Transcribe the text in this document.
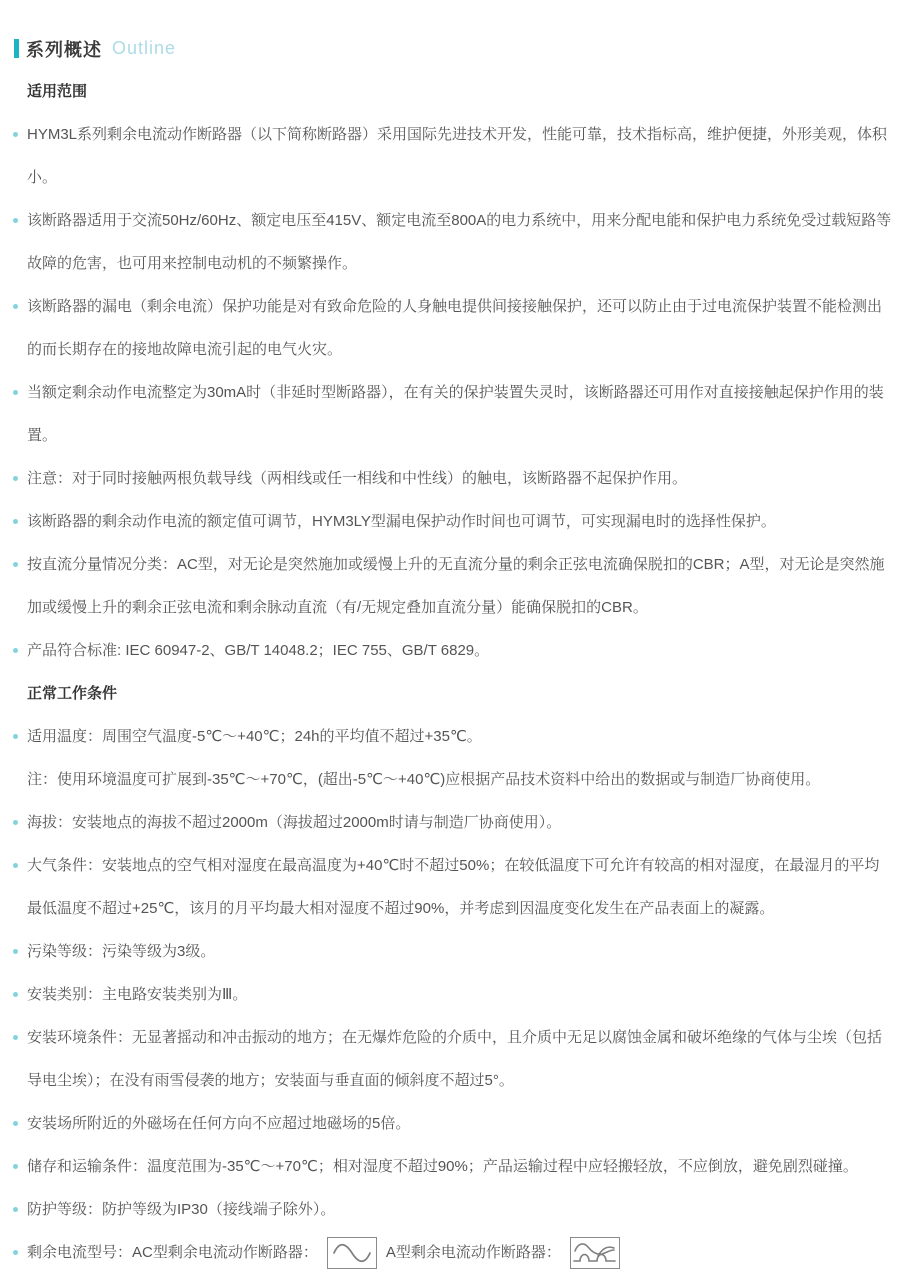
系列概述 Outline
适用范围

HYM3L系列剩余电流动作断路器（以下简称断路器）采用国际先进技术开发，性能可靠，技术指标高，维护便捷，外形美观，体积小。

该断路器适用于交流50Hz/60Hz、额定电压至415V、额定电流至800A的电力系统中，用来分配电能和保护电力系统免受过载短路等故障的危害，也可用来控制电动机的不频繁操作。

该断路器的漏电（剩余电流）保护功能是对有致命危险的人身触电提供间接接触保护，还可以防止由于过电流保护装置不能检测出的而长期存在的接地故障电流引起的电气火灾。

当额定剩余动作电流整定为30mA时（非延时型断路器），在有关的保护装置失灵时，该断路器还可用作对直接接触起保护作用的装置。

注意：对于同时接触两根负载导线（两相线或任一相线和中性线）的触电，该断路器不起保护作用。

该断路器的剩余动作电流的额定值可调节，HYM3LY型漏电保护动作时间也可调节，可实现漏电时的选择性保护。

按直流分量情况分类：AC型，对无论是突然施加或缓慢上升的无直流分量的剩余正弦电流确保脱扣的CBR；A型，对无论是突然施加或缓慢上升的剩余正弦电流和剩余脉动直流（有/无规定叠加直流分量）能确保脱扣的CBR。

产品符合标准: IEC 60947-2、GB/T 14048.2；IEC 755、GB/T 6829。

正常工作条件

适用温度：周围空气温度-5℃～+40℃；24h的平均值不超过+35℃。

注：使用环境温度可扩展到-35℃～+70℃，(超出-5℃～+40℃)应根据产品技术资料中给出的数据或与制造厂协商使用。

海拔：安装地点的海拔不超过2000m（海拔超过2000m时请与制造厂协商使用）。

大气条件：安装地点的空气相对湿度在最高温度为+40℃时不超过50%；在较低温度下可允许有较高的相对湿度，在最湿月的平均最低温度不超过+25℃，该月的月平均最大相对湿度不超过90%，并考虑到因温度变化发生在产品表面上的凝露。

污染等级：污染等级为3级。

安装类别：主电路安装类别为Ⅲ。

安装环境条件：无显著摇动和冲击振动的地方；在无爆炸危险的介质中，且介质中无足以腐蚀金属和破坏绝缘的气体与尘埃（包括导电尘埃）；在没有雨雪侵袭的地方；安装面与垂直面的倾斜度不超过5°。

安装场所附近的外磁场在任何方向不应超过地磁场的5倍。

储存和运输条件：温度范围为-35℃～+70℃；相对湿度不超过90%；产品运输过程中应轻搬轻放，不应倒放，避免剧烈碰撞。

防护等级：防护等级为IP30（接线端子除外）。

剩余电流型号：AC型剩余电流动作断路器：	A型剩余电流动作断路器：
